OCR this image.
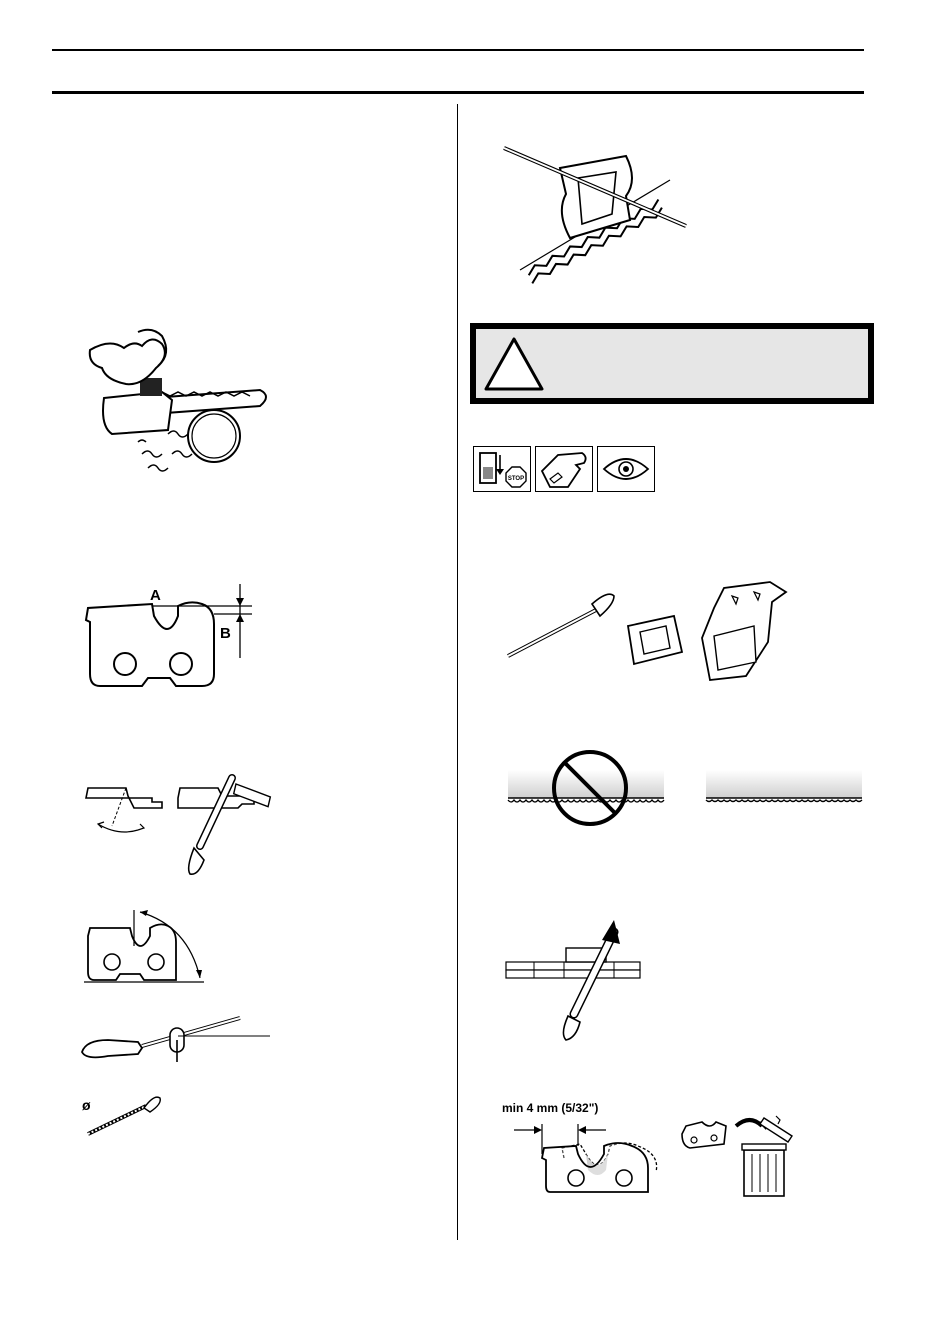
A
B
ø
STOP
min 4 mm (5/32")
